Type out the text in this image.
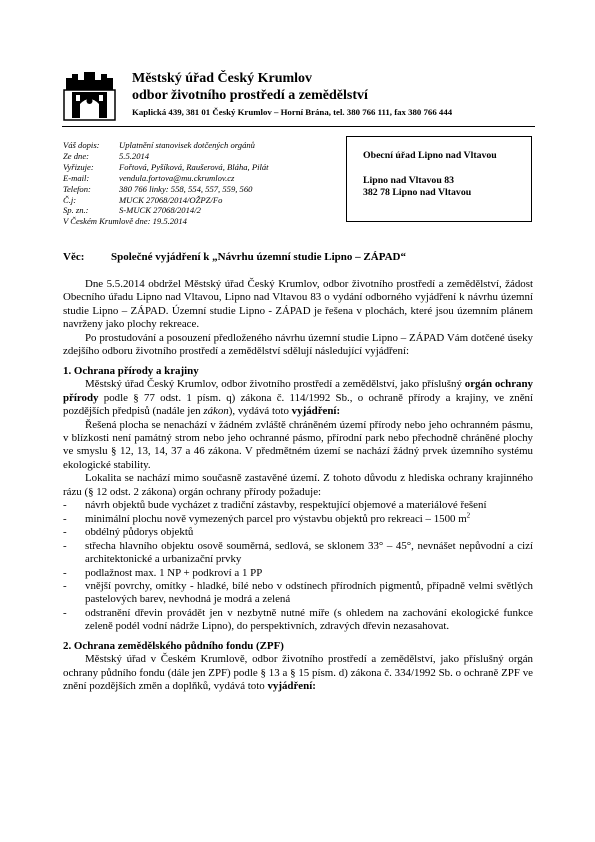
Městský úřad Český Krumlov
odbor životního prostředí a zemědělství
Kaplická 439, 381 01 Český Krumlov – Horní Brána, tel. 380 766 111, fax 380 766 444
Váš dopis:	Uplatnění stanovisek dotčených orgánů
Ze dne:	5.5.2014
Vyřizuje:	Fořtová, Pyšíková, Raušerová, Bláha, Pilát
E-mail:	vendula.fortova@mu.ckrumlov.cz
Telefon:	380 766 linky: 558, 554, 557, 559, 560
Č.j:	MUCK 27068/2014/OŽPZ/Fo
Sp. zn.:	S-MUCK 27068/2014/2
V Českém Krumlově dne: 19.5.2014
Obecní úřad Lipno nad Vltavou
Lipno nad Vltavou 83
382 78 Lipno nad Vltavou
Věc: Společné vyjádření k „Návrhu územní studie Lipno – ZÁPAD“

Dne 5.5.2014 obdržel Městský úřad Český Krumlov, odbor životního prostředí a zemědělství, žádost Obecního úřadu Lipno nad Vltavou, Lipno nad Vltavou 83 o vydání odborného vyjádření k návrhu územní studie Lipno – ZÁPAD. Územní studie Lipno - ZÁPAD je řešena v plochách, které jsou územním plánem navrženy jako plochy rekreace.

Po prostudování a posouzení předloženého návrhu územní studie Lipno – ZÁPAD Vám dotčené úseky zdejšího odboru životního prostředí a zemědělství sdělují následující vyjádření:

1. Ochrana přírody a krajiny

Městský úřad Český Krumlov, odbor životního prostředí a zemědělství, jako příslušný orgán ochrany přírody podle § 77 odst. 1 písm. q) zákona č. 114/1992 Sb., o ochraně přírody a krajiny, ve znění pozdějších předpisů (nadále jen zákon), vydává toto vyjádření:

Řešená plocha se nenachází v žádném zvláště chráněném území přírody nebo jeho ochranném pásmu, v blízkosti není památný strom nebo jeho ochranné pásmo, přírodní park nebo přechodně chráněné plochy ve smyslu § 12, 13, 14, 37 a 46 zákona. V předmětném území se nachází žádný prvek územního systému ekologické stability.

Lokalita se nachází mimo současně zastavěné území. Z tohoto důvodu z hlediska ochrany krajinného rázu (§ 12 odst. 2 zákona) orgán ochrany přírody požaduje:

- návrh objektů bude vycházet z tradiční zástavby, respektující objemové a materiálové řešení
- minimální plochu nově vymezených parcel pro výstavbu objektů pro rekreaci – 1500 $m^2$
- obdélný půdorys objektů
- střecha hlavního objektu osově souměrná, sedlová, se sklonem 33° – 45°, nevnášet nepůvodní a cizí architektonické a urbanizační prvky
- podlažnost max. 1 NP + podkroví a 1 PP
- vnější povrchy, omítky - hladké, bílé nebo v odstínech přírodních pigmentů, případně velmi světlých pastelových barev, nevhodná je modrá a zelená
- odstranění dřevin provádět jen v nezbytně nutné míře (s ohledem na zachování ekologické funkce zeleně podél vodní nádrže Lipno), do perspektivních, zdravých dřevin nezasahovat.

2. Ochrana zemědělského půdního fondu (ZPF)

Městský úřad v Českém Krumlově, odbor životního prostředí a zemědělství, jako příslušný orgán ochrany půdního fondu (dále jen ZPF) podle § 13 a § 15 písm. d) zákona č. 334/1992 Sb. o ochraně ZPF ve znění pozdějších změn a doplňků, vydává toto vyjádření:
